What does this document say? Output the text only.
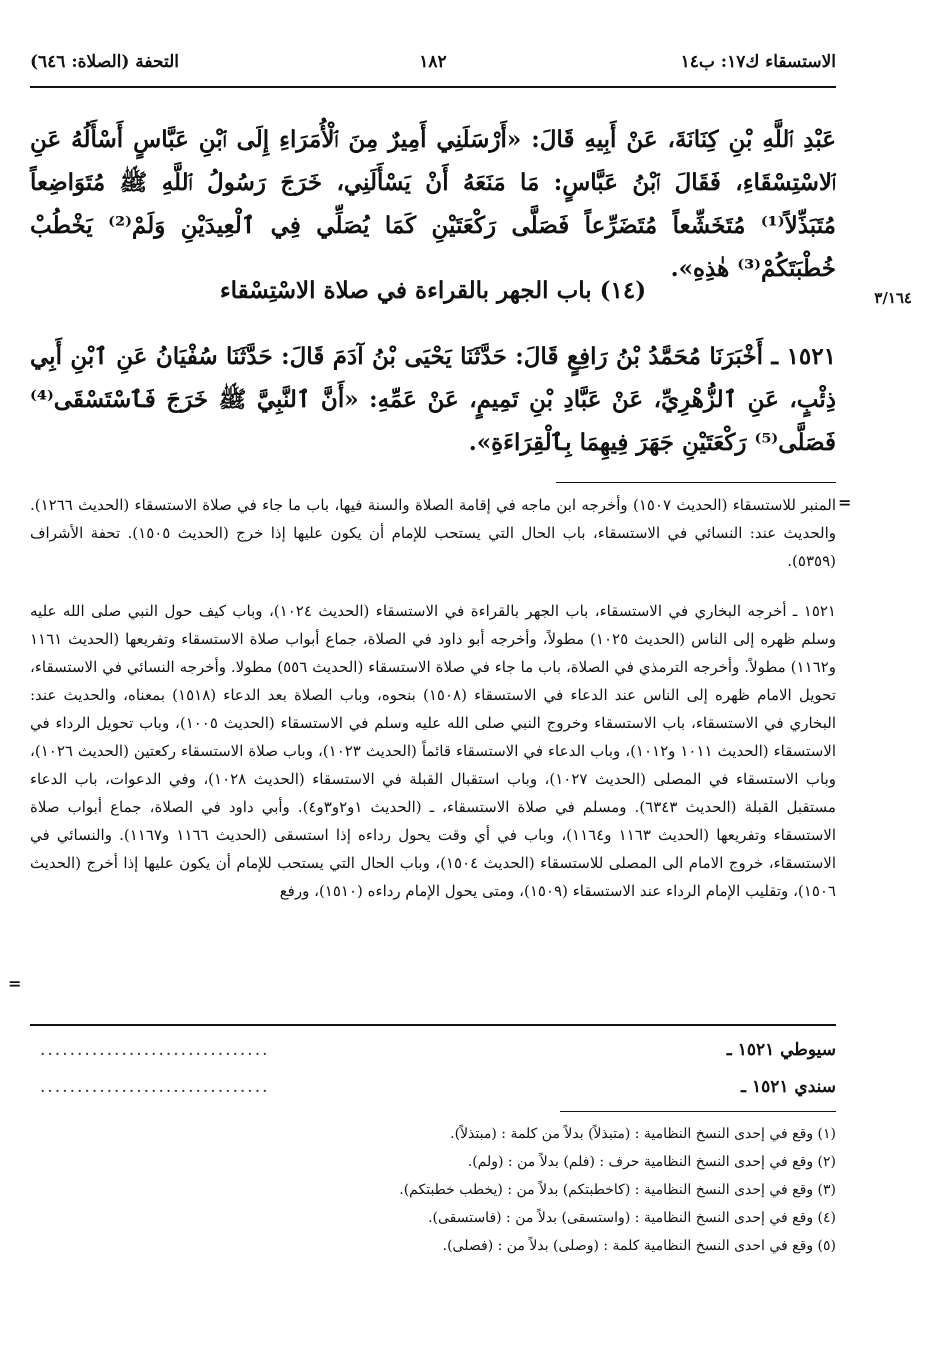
الاستسقاء ك١٧: ب١٤
١٨٢
التحفة (الصلاة: ٦٤٦)
عَبْدِ ٱللَّهِ بْنِ كِنَانَةَ، عَنْ أَبِيهِ قَالَ: «أَرْسَلَنِي أَمِيرٌ مِنَ ٱلْأُمَرَاءِ إِلَى ٱبْنِ عَبَّاسٍ أَسْأَلُهُ عَنِ ٱلاسْتِسْقَاءِ، فَقَالَ ٱبْنُ عَبَّاسٍ: مَا مَنَعَهُ أَنْ يَسْأَلَنِي، خَرَجَ رَسُولُ ٱللَّهِ ﷺ مُتَوَاضِعاً مُتَبَذِّلاً⁽¹⁾ مُتَخَشِّعاً مُتَضَرِّعاً فَصَلَّى رَكْعَتَيْنِ كَمَا يُصَلِّي فِي ٱلْعِيدَيْنِ وَلَمْ⁽²⁾ يَخْطُبْ خُطْبَتَكُمْ⁽³⁾ هٰذِهِ».
٣/١٦٤
(١٤) باب الجهر بالقراءة في صلاة الاسْتِسْقاء
١٥٢١ ـ أَخْبَرَنَا مُحَمَّدُ بْنُ رَافِعٍ قَالَ: حَدَّثَنَا يَحْيَى بْنُ آدَمَ قَالَ: حَدَّثَنَا سُفْيَانُ عَنِ ٱبْنِ أَبِي ذِئْبٍ، عَنِ ٱلزُّهْرِيِّ، عَنْ عَبَّادِ بْنِ تَمِيمٍ، عَنْ عَمِّهِ: «أَنَّ ٱلنَّبِيَّ ﷺ خَرَجَ فَٱسْتَسْقَى⁽⁴⁾ فَصَلَّى⁽⁵⁾ رَكْعَتَيْنِ جَهَرَ فِيهِمَا بِٱلْقِرَاءَةِ».
=
المنبر للاستسقاء (الحديث ١٥٠٧) وأخرجه ابن ماجه في إقامة الصلاة والسنة فيها، باب ما جاء في صلاة الاستسقاء (الحديث ١٢٦٦). والحديث عند: النسائي في الاستسقاء، باب الحال التي يستحب للإمام أن يكون عليها إذا خرج (الحديث ١٥٠٥). تحفة الأشراف (٥٣٥٩).
١٥٢١ ـ أخرجه البخاري في الاستسقاء، باب الجهر بالقراءة في الاستسقاء (الحديث ١٠٢٤)، وباب كيف حول النبي صلى الله عليه وسلم ظهره إلى الناس (الحديث ١٠٢٥) مطولاً، وأخرجه أبو داود في الصلاة، جماع أبواب صلاة الاستسقاء وتفريعها (الحديث ١١٦١ و١١٦٢) مطولاً. وأخرجه الترمذي في الصلاة، باب ما جاء في صلاة الاستسقاء (الحديث ٥٥٦) مطولا. وأخرجه النسائي في الاستسقاء، تحويل الامام ظهره إلى الناس عند الدعاء في الاستسقاء (١٥٠٨) بنحوه، وباب الصلاة بعد الدعاء (١٥١٨) بمعناه، والحديث عند: البخاري في الاستسقاء، باب الاستسقاء وخروج النبي صلى الله عليه وسلم في الاستسقاء (الحديث ١٠٠٥)، وباب تحويل الرداء في الاستسقاء (الحديث ١٠١١ و١٠١٢)، وباب الدعاء في الاستسقاء قائماً (الحديث ١٠٢٣)، وباب صلاة الاستسقاء ركعتين (الحديث ١٠٢٦)، وباب الاستسقاء في المصلى (الحديث ١٠٢٧)، وباب استقبال القبلة في الاستسقاء (الحديث ١٠٢٨)، وفي الدعوات، باب الدعاء مستقبل القبلة (الحديث ٦٣٤٣). ومسلم في صلاة الاستسقاء، ـ (الحديث ١و٢و٣و٤). وأبي داود في الصلاة، جماع أبواب صلاة الاستسقاء وتفريعها (الحديث ١١٦٣ و١١٦٤)، وباب في أي وقت يحول رداءه إذا استسقى (الحديث ١١٦٦ و١١٦٧). والنسائي في الاستسقاء، خروج الامام الى المصلى للاستسقاء (الحديث ١٥٠٤)، وباب الحال التي يستحب للإمام أن يكون عليها إذا أخرج (الحديث ١٥٠٦)، وتقليب الإمام الرداء عند الاستسقاء (١٥٠٩)، ومتى يحول الإمام رداءه (١٥١٠)، ورفع
=
سيوطي ١٥٢١ ـ
...............................
سندي ١٥٢١ ـ
...............................
(١) وقع في إحدى النسخ النظامية : (متبذلاً) بدلاً من كلمة : (مبتذلاً).
(٢) وقع في إحدى النسخ النظامية حرف : (فلم) بدلاً من : (ولم).
(٣) وقع في إحدى النسخ النظامية : (كاخطبتكم) بدلاً من : (يخطب خطبتكم).
(٤) وقع في إحدى النسخ النظامية : (واستسقى) بدلاً من : (فاستسقى).
(٥) وقع في احدى النسخ النظامية كلمة : (وصلى) بدلاً من : (فصلى).
